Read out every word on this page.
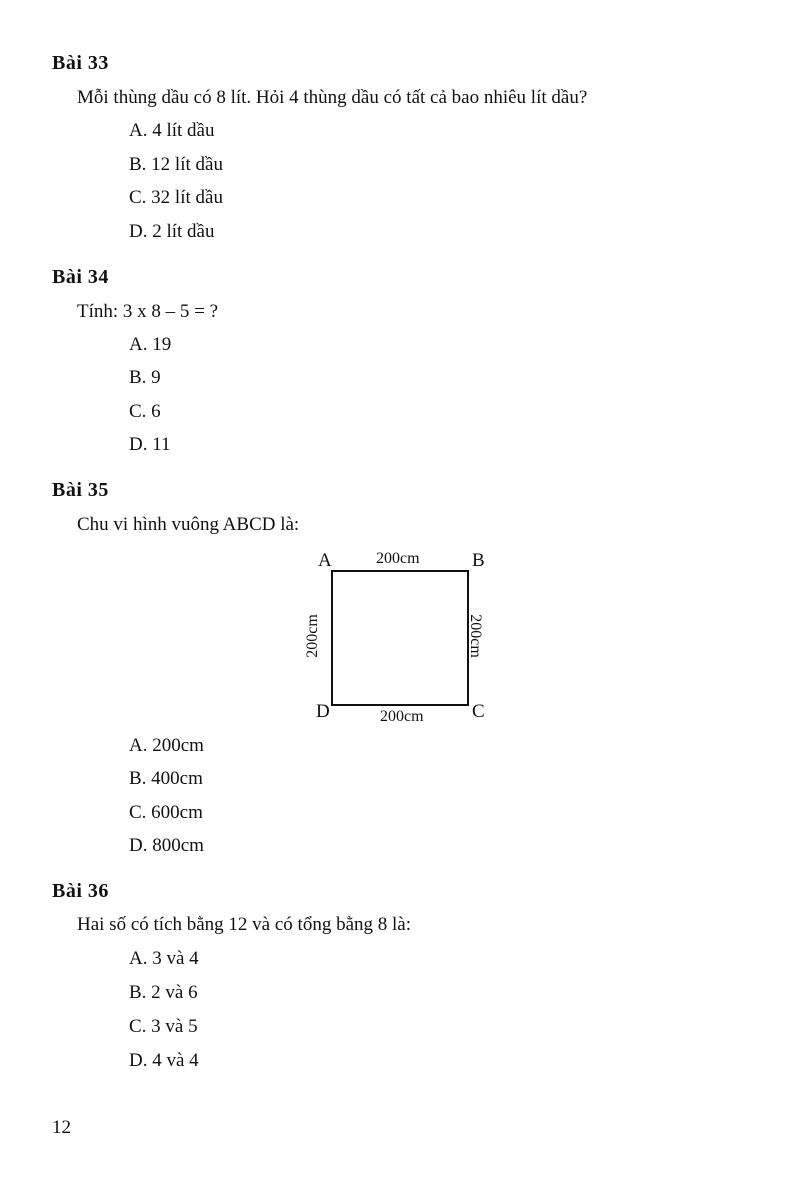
Bài 33
Mỗi thùng dầu có 8 lít. Hỏi 4 thùng dầu có tất cả bao nhiêu lít dầu?
A. 4 lít dầu
B. 12 lít dầu
C. 32 lít dầu
D. 2 lít dầu
Bài 34
Tính: 3 x 8 – 5 = ?
A. 19
B. 9
C. 6
D. 11
Bài 35
Chu vi hình vuông ABCD là:
A	B
C
D
200cm
200cm
200cm	200cm
A. 200cm
B. 400cm
C. 600cm
D. 800cm
Bài 36
Hai số có tích bằng 12 và có tổng bằng 8 là:
A. 3 và 4
B. 2 và 6
C. 3 và 5
D. 4 và 4
12
